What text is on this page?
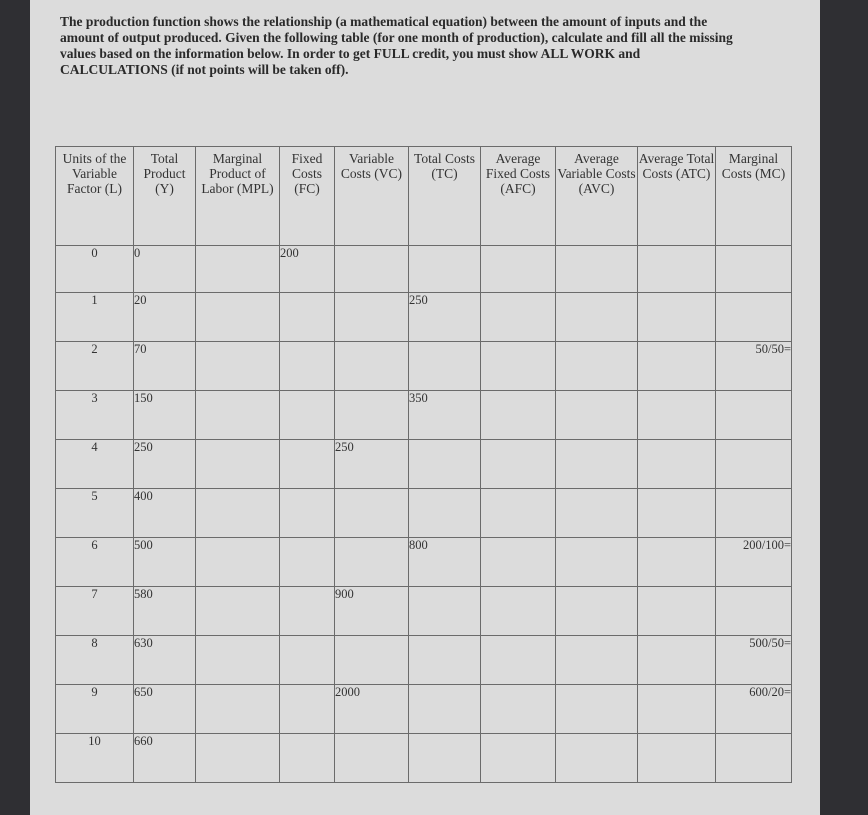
The production function shows the relationship (a mathematical equation) between the amount of inputs and the amount of output produced. Given the following table (for one month of production), calculate and fill all the missing values based on the information below. In order to get FULL credit, you must show ALL WORK and CALCULATIONS (if not points will be taken off).

Units of the Variable Factor (L)	Total Product (Y)	Marginal Product of Labor (MPL)	Fixed Costs (FC)	Variable Costs (VC)	Total Costs (TC)	Average Fixed Costs (AFC)	Average Variable Costs (AVC)	Average Total Costs (ATC)	Marginal Costs (MC)
0	0		200						
1	20				250				
2	70								50/50=
3	150				350				
4	250			250					
5	400								
6	500				800				200/100=
7	580			900					
8	630								500/50=
9	650			2000					600/20=
10	660								
